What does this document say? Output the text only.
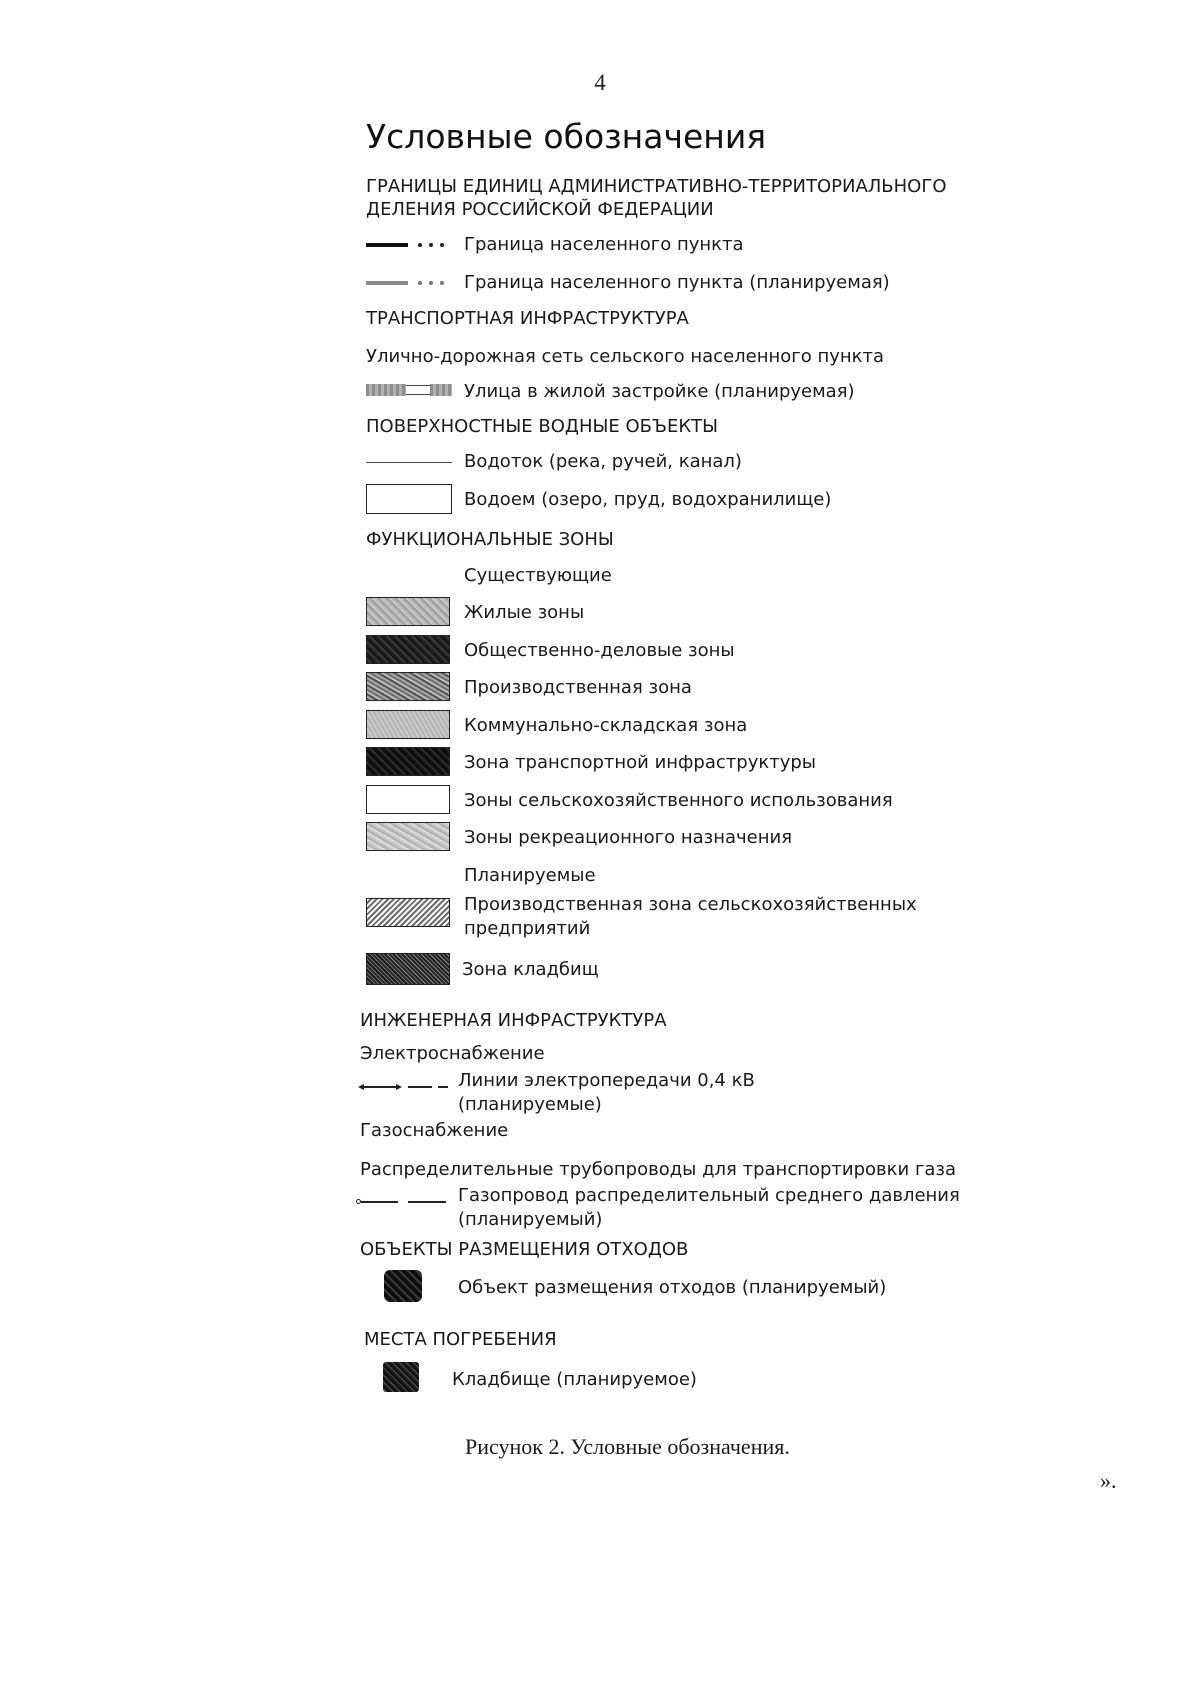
4
Условные обозначения
ГРАНИЦЫ ЕДИНИЦ АДМИНИСТРАТИВНО-ТЕРРИТОРИАЛЬНОГО
ДЕЛЕНИЯ РОССИЙСКОЙ ФЕДЕРАЦИИ
Граница населенного пункта
Граница населенного пункта (планируемая)
ТРАНСПОРТНАЯ ИНФРАСТРУКТУРА
Улично-дорожная сеть сельского населенного пункта
Улица в жилой застройке (планируемая)
ПОВЕРХНОСТНЫЕ ВОДНЫЕ ОБЪЕКТЫ
Водоток (река, ручей, канал)
Водоем (озеро, пруд, водохранилище)
ФУНКЦИОНАЛЬНЫЕ ЗОНЫ
Существующие
Жилые зоны
Общественно-деловые зоны
Производственная зона
Коммунально-складская зона
Зона транспортной инфраструктуры
Зоны сельскохозяйственного использования
Зоны рекреационного назначения
Планируемые
Производственная зона сельскохозяйственных
предприятий
Зона кладбищ
ИНЖЕНЕРНАЯ ИНФРАСТРУКТУРА
Электроснабжение
Линии электропередачи 0,4 кВ
(планируемые)
Газоснабжение
Распределительные трубопроводы для транспортировки газа
Газопровод распределительный среднего давления
(планируемый)
ОБЪЕКТЫ РАЗМЕЩЕНИЯ ОТХОДОВ
Объект размещения отходов (планируемый)
МЕСТА ПОГРЕБЕНИЯ
Кладбище (планируемое)
Рисунок 2. Условные обозначения.
».
